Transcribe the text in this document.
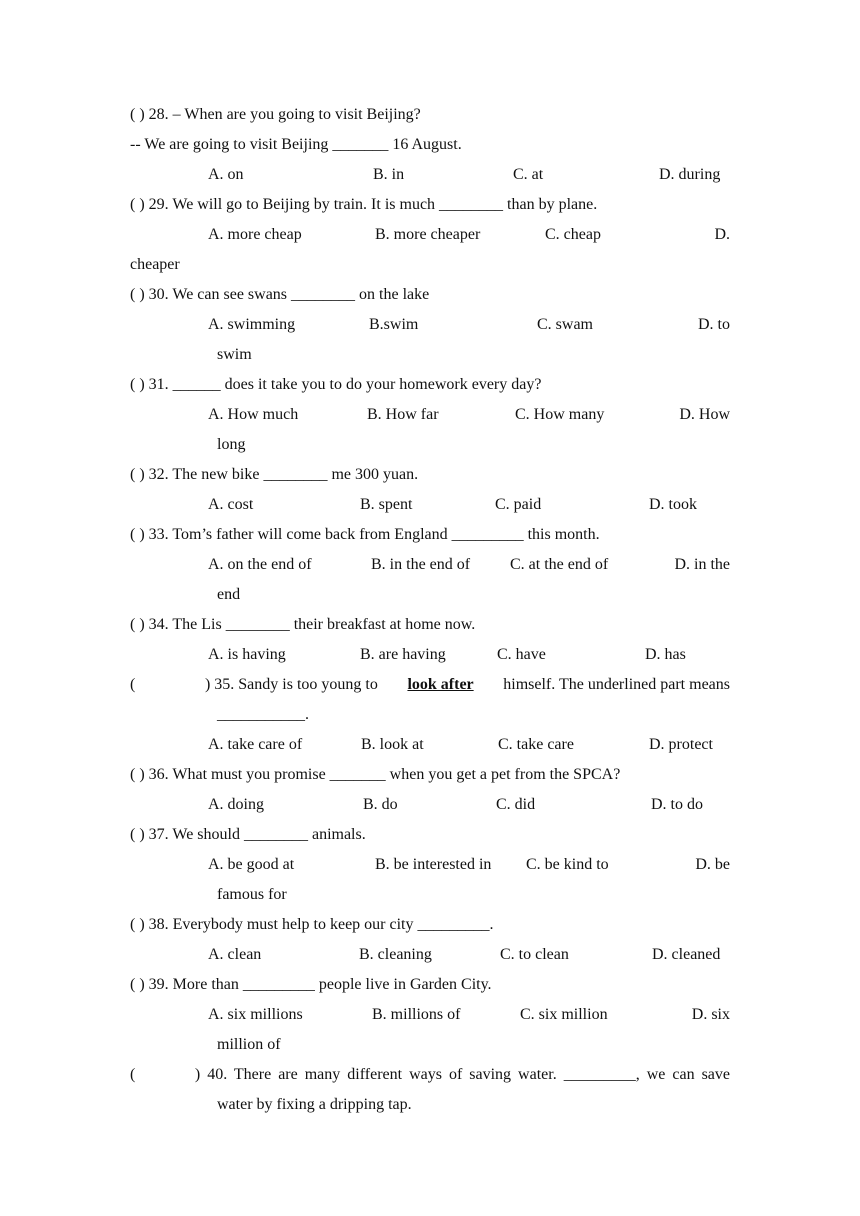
( ) 28. – When are you going to visit Beijing?
-- We are going to visit Beijing _______ 16 August.
A. on	B. in	C. at	D. during
( ) 29. We will go to Beijing by train. It is much ________ than by plane.
A. more cheap	B. more cheaper	C. cheap	D.
cheaper
( ) 30. We can see swans ________ on the lake
A. swimming	B.swim	C. swam	D. to
swim
( ) 31. ______ does it take you to do your homework every day?
A. How much	B. How far	C. How many	D. How
long
( ) 32. The new bike ________ me 300 yuan.
A. cost	B. spent	C. paid	D. took
( ) 33. Tom’s father will come back from England _________ this month.
A. on the end of	B. in the end of C. at the end of	D. in the
end
( ) 34. The Lis ________ their breakfast at home now.
A. is having	B. are having	C. have	D. has
(	) 35. Sandy is too young to look after himself. The underlined part means
___________.
A. take care of	B. look at	C. take care	D. protect
( ) 36. What must you promise _______ when you get a pet from the SPCA?
A. doing	B. do	C. did	D. to do
( ) 37. We should ________ animals.
A. be good at	B. be interested in C. be kind to	D. be
famous for
( ) 38. Everybody must help to keep our city _________.
A. clean	B. cleaning	C. to clean	D. cleaned
( ) 39. More than _________ people live in Garden City.
A. six millions	B. millions of	C. six million	D. six
million of
(	) 40. There are many different ways of saving water. _________, we can save
water by fixing a dripping tap.
